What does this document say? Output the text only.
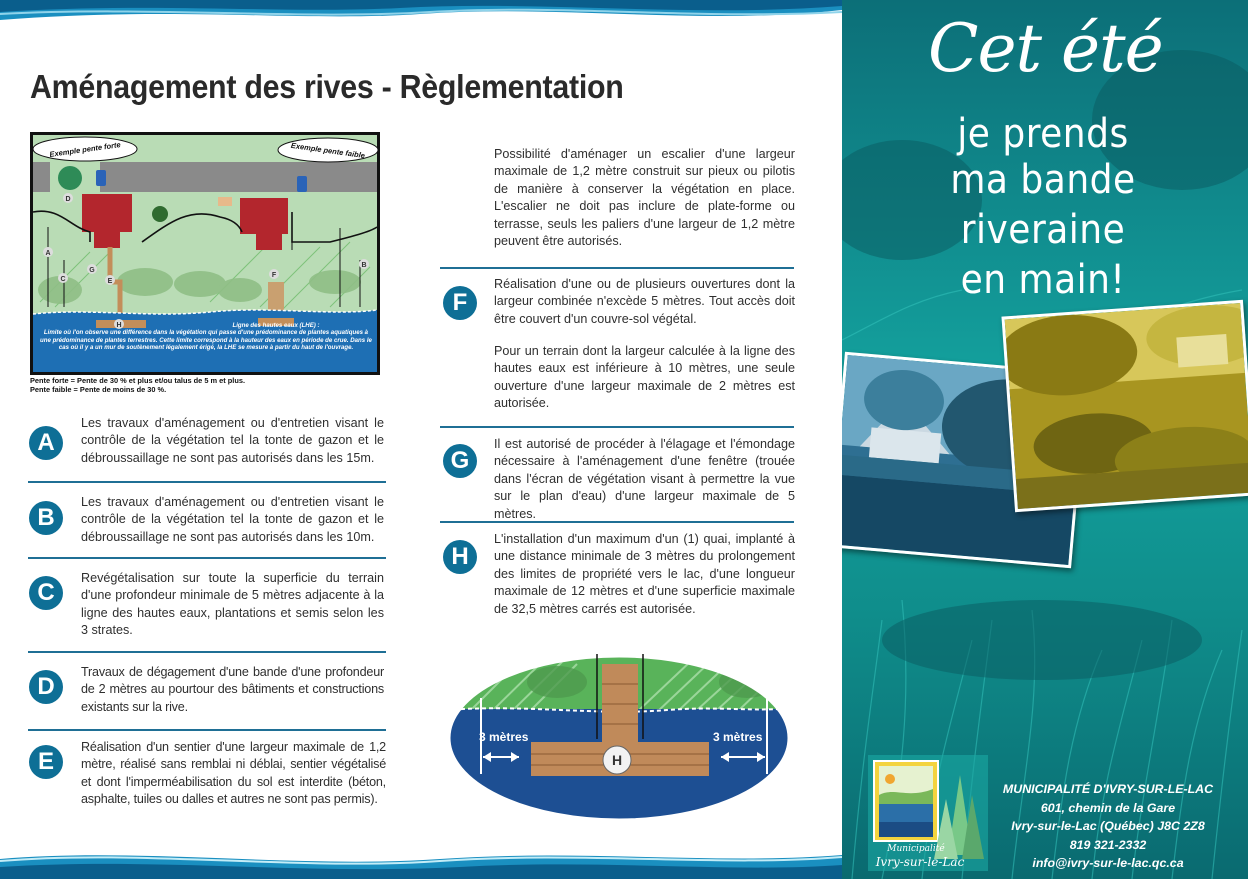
Aménagement des rives - Règlementation
A
B
C
D
E
F
G
H
Exemple pente forte	Exemple pente faible
Ligne des hautes eaux (LHE) :
Limite où l'on observe une différence dans la végétation qui passe d'une prédominance de plantes aquatiques à une prédominance de plantes terrestres. Cette limite correspond à la hauteur des eaux en période de crue. Dans le cas où il y a un mur de soutènement légalement érigé, la LHE se mesure à partir du haut de l'ouvrage.
Pente forte = Pente de 30 % et plus et/ou talus de 5 m et plus.
Pente faible = Pente de moins de 30 %.
A
Les travaux d'aménagement ou d'entretien visant le contrôle de la végétation tel la tonte de gazon et le débroussaillage ne sont pas autorisés dans les 15m.
B
Les travaux d'aménagement ou d'entretien visant le contrôle de la végétation tel la tonte de gazon et le débroussaillage ne sont pas autorisés dans les 10m.
C
Revégétalisation sur toute la superficie du terrain d'une profondeur minimale de 5 mètres adjacente à la ligne des hautes eaux, plantations et semis selon les 3 strates.
D
Travaux de dégagement d'une bande d'une profondeur de 2 mètres au pourtour des bâtiments et constructions existants sur la rive.
E
Réalisation d'un sentier d'une largeur maximale de 1,2 mètre, réalisé sans remblai ni déblai, sentier végétalisé et dont l'imperméabilisation du sol est interdite (béton, asphalte, tuiles ou dalles et autres ne sont pas permis).
Possibilité d'aménager un escalier d'une largeur maximale de 1,2 mètre construit sur pieux ou pilotis de manière à conserver la végétation en place. L'escalier ne doit pas inclure de plate-forme ou terrasse, seuls les paliers d'une largeur de 1,2 mètre peuvent être autorisés.
F
Réalisation d'une ou de plusieurs ouvertures dont la largeur combinée n'excède 5 mètres. Tout accès doit être couvert d'un couvre-sol végétal.
Pour un terrain dont la largeur calculée à la ligne des hautes eaux est inférieure à 10 mètres, une seule ouverture d'une largeur maximale de 2 mètres est autorisée.
G
Il est autorisé de procéder à l'élagage et l'émondage nécessaire à l'aménagement d'une fenêtre (trouée dans l'écran de végétation visant à permettre la vue sur le plan d'eau) d'une largeur maximale de 5 mètres.
H
L'installation d'un maximum d'un (1) quai, implanté à une distance minimale de 3 mètres du prolongement des limites de propriété vers le lac, d'une longueur maximale de 12 mètres et d'une superficie maximale de 32,5 mètres carrés est autorisée.
3 mètres	3 mètres
H
Cet été
je prends
ma bande
riveraine
en main!
Municipalité
Ivry-sur-le-Lac
MUNICIPALITÉ D'IVRY-SUR-LE-LAC
601, chemin de la Gare
Ivry-sur-le-Lac (Québec) J8C 2Z8
819 321-2332
info@ivry-sur-le-lac.qc.ca
